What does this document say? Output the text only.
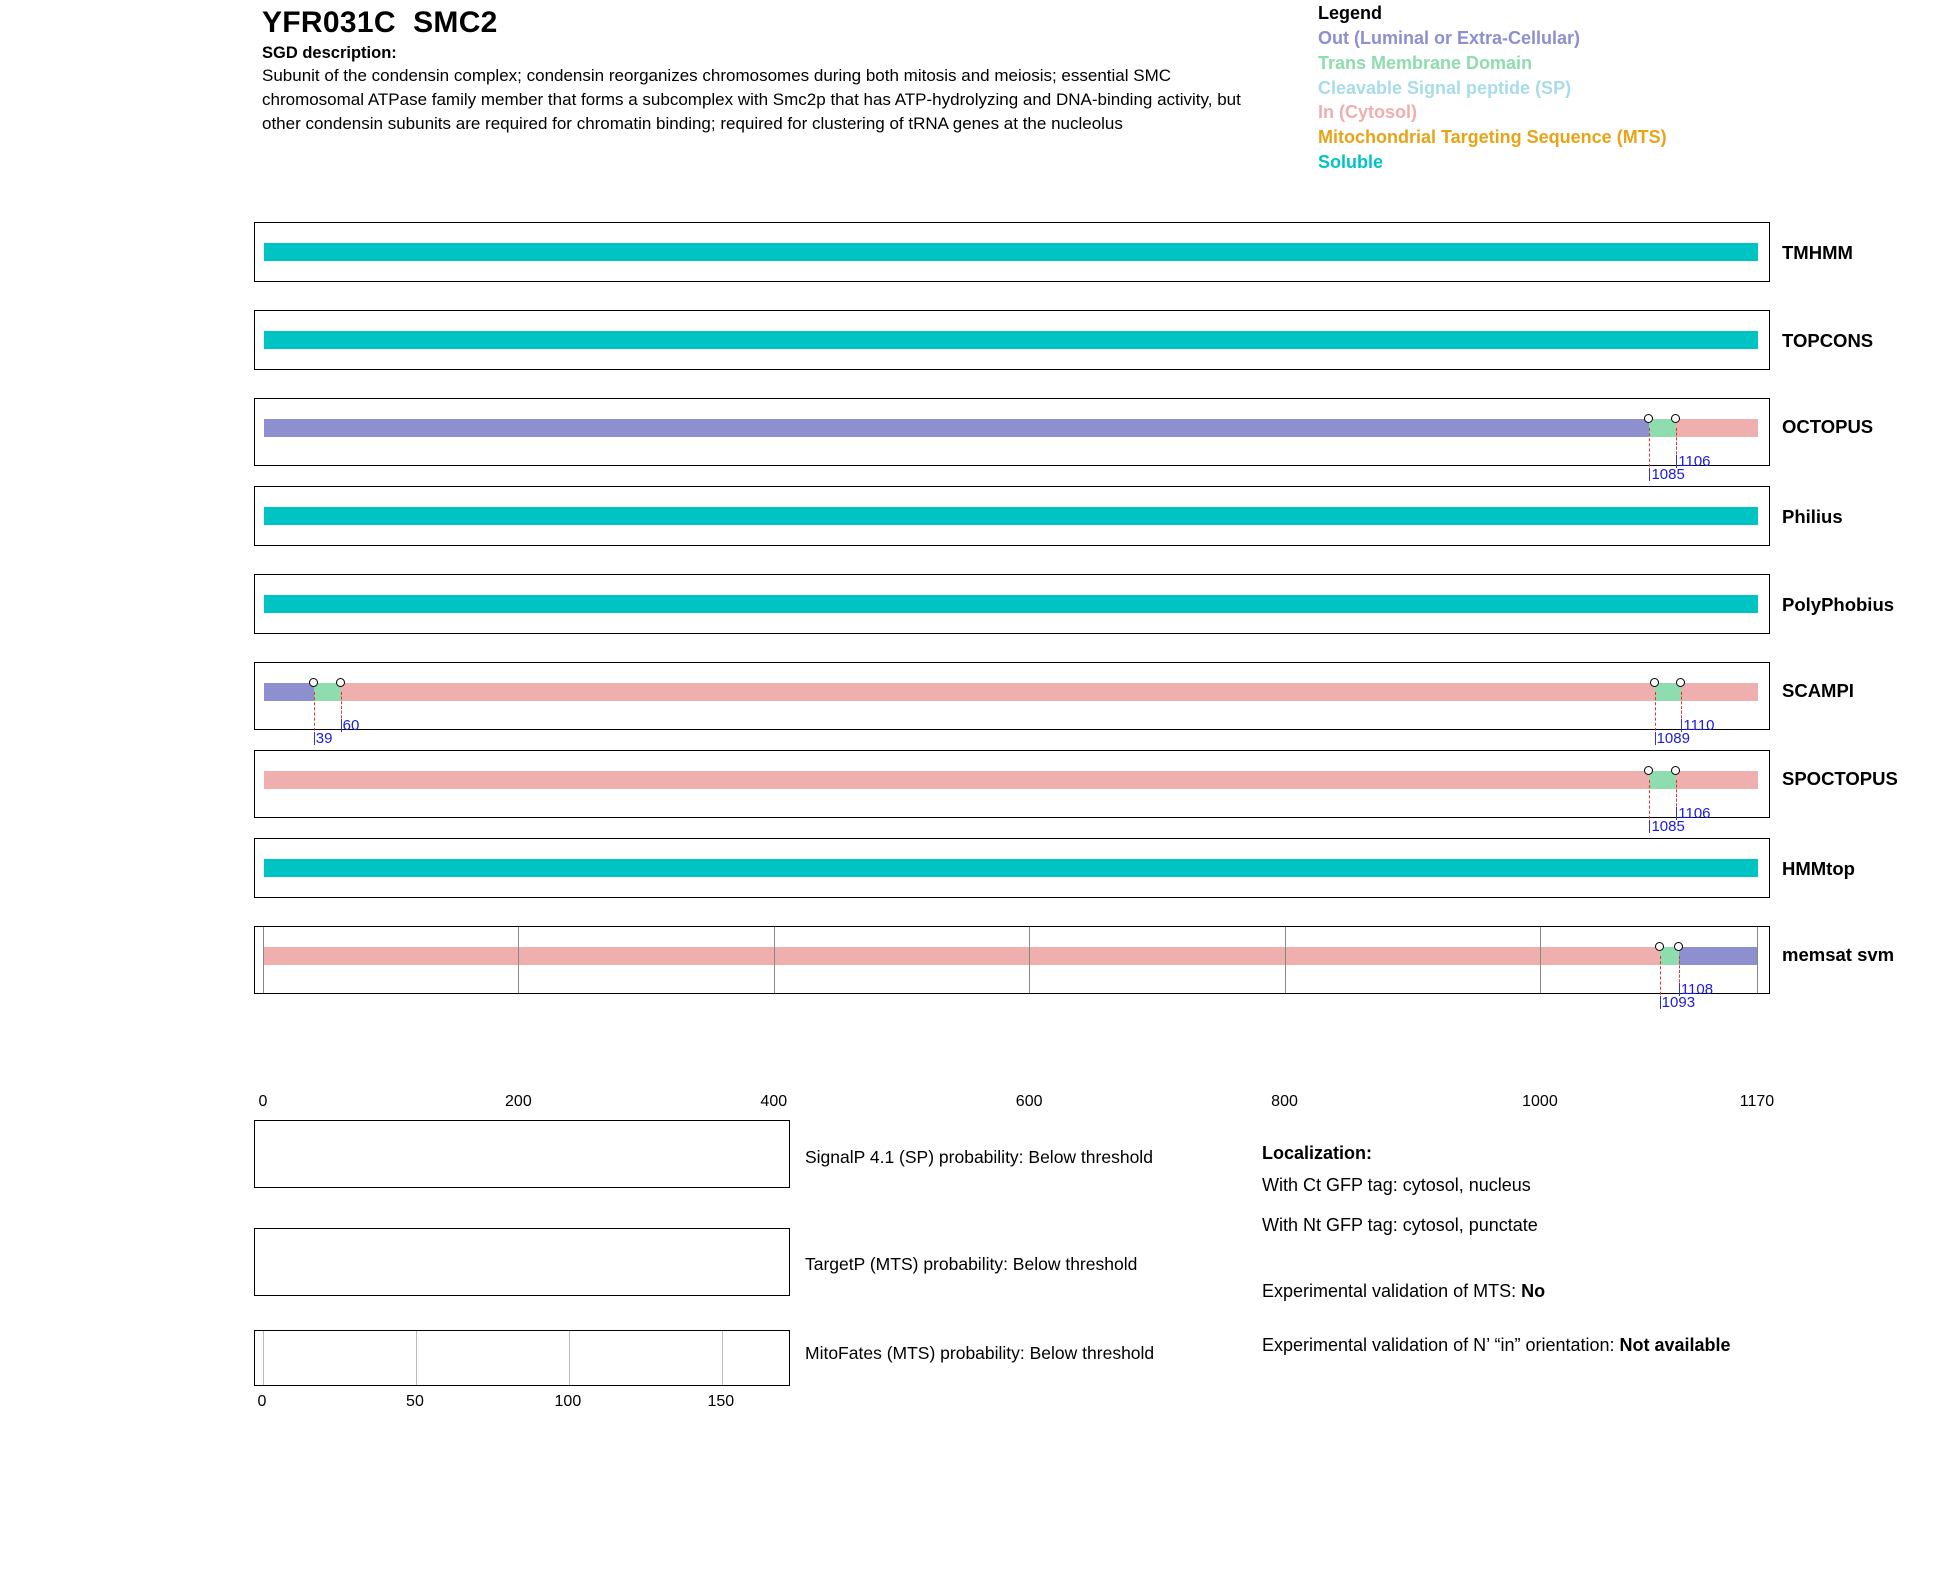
YFR031C  SMC2
SGD description:
Subunit of the condensin complex; condensin reorganizes chromosomes during both mitosis and meiosis; essential SMC chromosomal ATPase family member that forms a subcomplex with Smc2p that has ATP-hydrolyzing and DNA-binding activity, but other condensin subunits are required for chromatin binding; required for clustering of tRNA genes at the nucleolus
Legend
Out (Luminal or Extra-Cellular)
Trans Membrane Domain
Cleavable Signal peptide (SP)
In (Cytosol)
Mitochondrial Targeting Sequence (MTS)
Soluble
TMHMM
TOPCONS
1085
1106
OCTOPUS
Philius
PolyPhobius
39
60
1089
1110
SCAMPI
1085
1106
SPOCTOPUS
HMMtop
1093
1108
memsat svm
0	200	400	600	800	1000	1170
SignalP 4.1 (SP) probability: Below threshold
TargetP (MTS) probability: Below threshold
MitoFates (MTS) probability: Below threshold
0	50	100	150
Localization:
With Ct GFP tag: cytosol, nucleus
With Nt GFP tag: cytosol, punctate
Experimental validation of MTS: No
Experimental validation of N’ “in” orientation: Not available
